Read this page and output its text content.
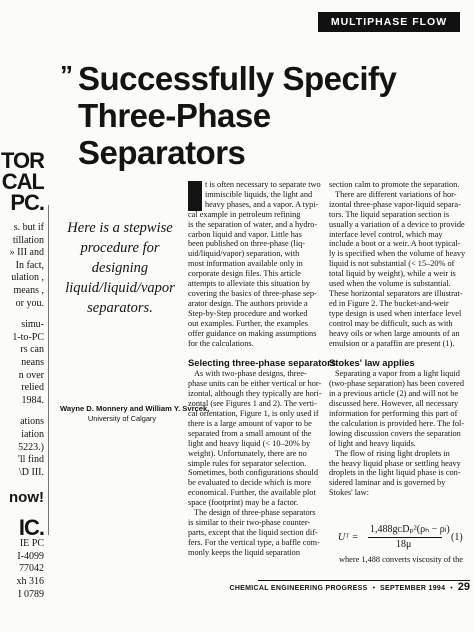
MULTIPHASE FLOW
” Successfully Specify
Three-Phase
Separators
TOR
CAL
PC.
s. but if
tillation
» III and
In fact,
ulation ,
means ,
or you.
simu-
1-to-PC
rs can
neans
n over
relied
1984.
ations
iation
5223.)
'll find
\D III.
now!
IC.
IE PC
I-4099
77042
xh 316
I 0789
Here is a stepwise
procedure for
designing
liquid/liquid/vapor
separators.
Wayne D. Monnery and William Y. Svrcek,
University of Calgary
t is often necessary to separate two
immiscible liquids, the light and
heavy phases, and a vapor. A typi-
cal example in petroleum refining
is the separation of water, and a hydro-
carbon liquid and vapor. Little has
been published on three-phase (liq-
uid/liquid/vapor) separation, with
most information available only in
corporate design files. This article
attempts to alleviate this situation by
covering the basics of three-phase sep-
arator design. The authors provide a
Step-by-Step procedure and worked
out examples. Further, the examples
offer guidance on making assumptions
for the calculations.
Selecting three-phase separators
As with two-phase designs, three-
phase units can be either vertical or hor-
izontal, although they typically are hori-
zontal (see Figures 1 and 2). The verti-
cal orientation, Figure 1, is only used if
there is a large amount of vapor to be
separated from a small amount of the
light and heavy liquid (< 10–20% by
weight). Unfortunately, there are no
simple rules for separator selection.
Sometimes, both configurations should
be evaluated to decide which is more
economical. Further, the available plot
space (footprint) may be a factor.
The design of three-phase separators
is similar to their two-phase counter-
parts, except that the liquid section dif-
fers. For the vertical type, a baffle com-
monly keeps the liquid separation
section calm to promote the separation.
There are different variations of hor-
izontal three-phase vapor-liquid separa-
tors. The liquid separation section is
usually a variation of a device to provide
interface level control, which may
include a boot or a weir. A boot typical-
ly is specified when the volume of heavy
liquid is not substantial (< 15–20% of
total liquid by weight), while a weir is
used when the volume is substantial.
These horizontal separators are illustrat-
ed in Figure 2. The bucket-and-weir
type design is used when interface level
control may be difficult, such as with
heavy oils or when large amounts of an
emulsion or a paraffin are present (1).
Stokes' law applies
Separating a vapor from a light liquid
(two-phase separation) has been covered
in a previous article (2) and will not be
discussed here. However, all necessary
information for performing this part of
the calculation is provided here. The fol-
lowing discussion covers the separation
of light and heavy liquids.
The flow of rising light droplets in
the heavy liquid phase or settling heavy
droplets in the light liquid phase is con-
sidered laminar and is governed by
Stokes' law:
Uᵀ =
1,488gᴄDₚ²(ρₕ − ρₗ)
18μ
(1)
where 1,488 converts viscosity of the
CHEMICAL ENGINEERING PROGRESS • SEPTEMBER 1994 • 29
